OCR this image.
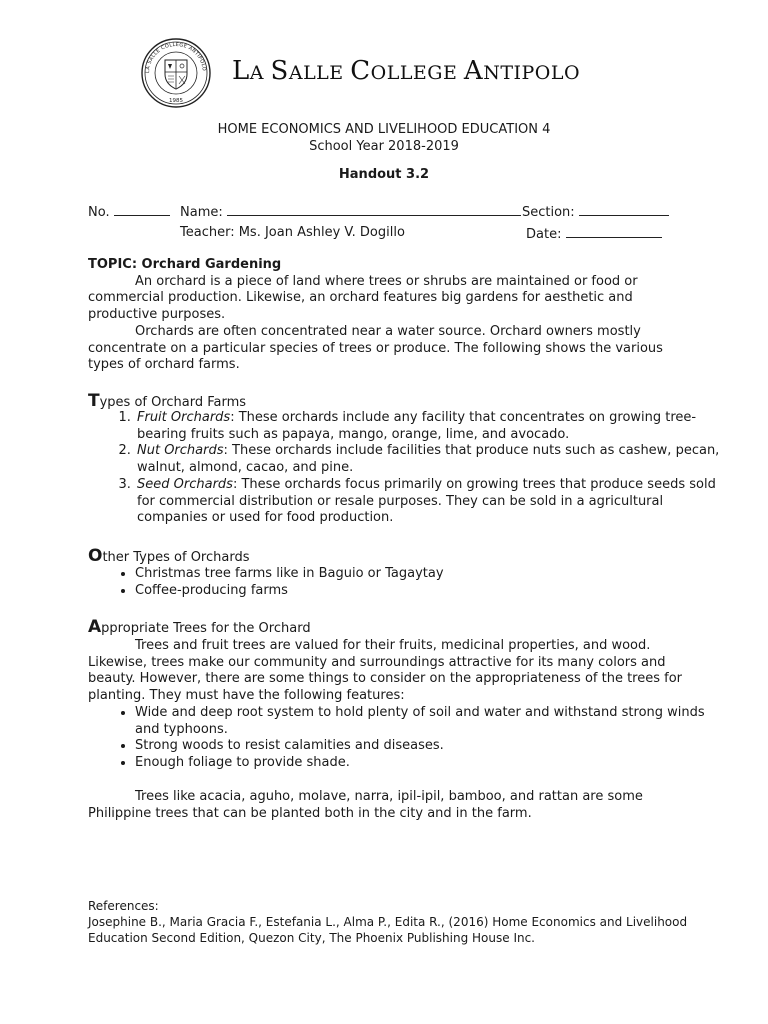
LA SALLE COLLEGE ANTIPOLO
1985
LA SALLE COLLEGE ANTIPOLO
HOME ECONOMICS AND LIVELIHOOD EDUCATION 4
School Year 2018-2019
Handout 3.2
No.	Name:	Section:
Teacher: Ms. Joan Ashley V. Dogillo	Date:
TOPIC: Orchard Gardening

An orchard is a piece of land where trees or shrubs are maintained or food or commercial production. Likewise, an orchard features big gardens for aesthetic and productive purposes.

Orchards are often concentrated near a water source. Orchard owners mostly concentrate on a particular species of trees or produce. The following shows the various types of orchard farms.

Types of Orchard Farms
1. Fruit Orchards: These orchards include any facility that concentrates on growing tree-bearing fruits such as papaya, mango, orange, lime, and avocado.
2. Nut Orchards: These orchards include facilities that produce nuts such as cashew, pecan, walnut, almond, cacao, and pine.
3. Seed Orchards: These orchards focus primarily on growing trees that produce seeds sold for commercial distribution or resale purposes. They can be sold in a agricultural companies or used for food production.
Other Types of Orchards
• Christmas tree farms like in Baguio or Tagaytay
• Coffee-producing farms
Appropriate Trees for the Orchard

Trees and fruit trees are valued for their fruits, medicinal properties, and wood. Likewise, trees make our community and surroundings attractive for its many colors and beauty. However, there are some things to consider on the appropriateness of the trees for planting. They must have the following features:

• Wide and deep root system to hold plenty of soil and water and withstand strong winds and typhoons.
• Strong woods to resist calamities and diseases.
• Enough foliage to provide shade.

Trees like acacia, aguho, molave, narra, ipil-ipil, bamboo, and rattan are some Philippine trees that can be planted both in the city and in the farm.

References:
Josephine B., Maria Gracia F., Estefania L., Alma P., Edita R., (2016) Home Economics and Livelihood Education Second Edition, Quezon City, The Phoenix Publishing House Inc.
